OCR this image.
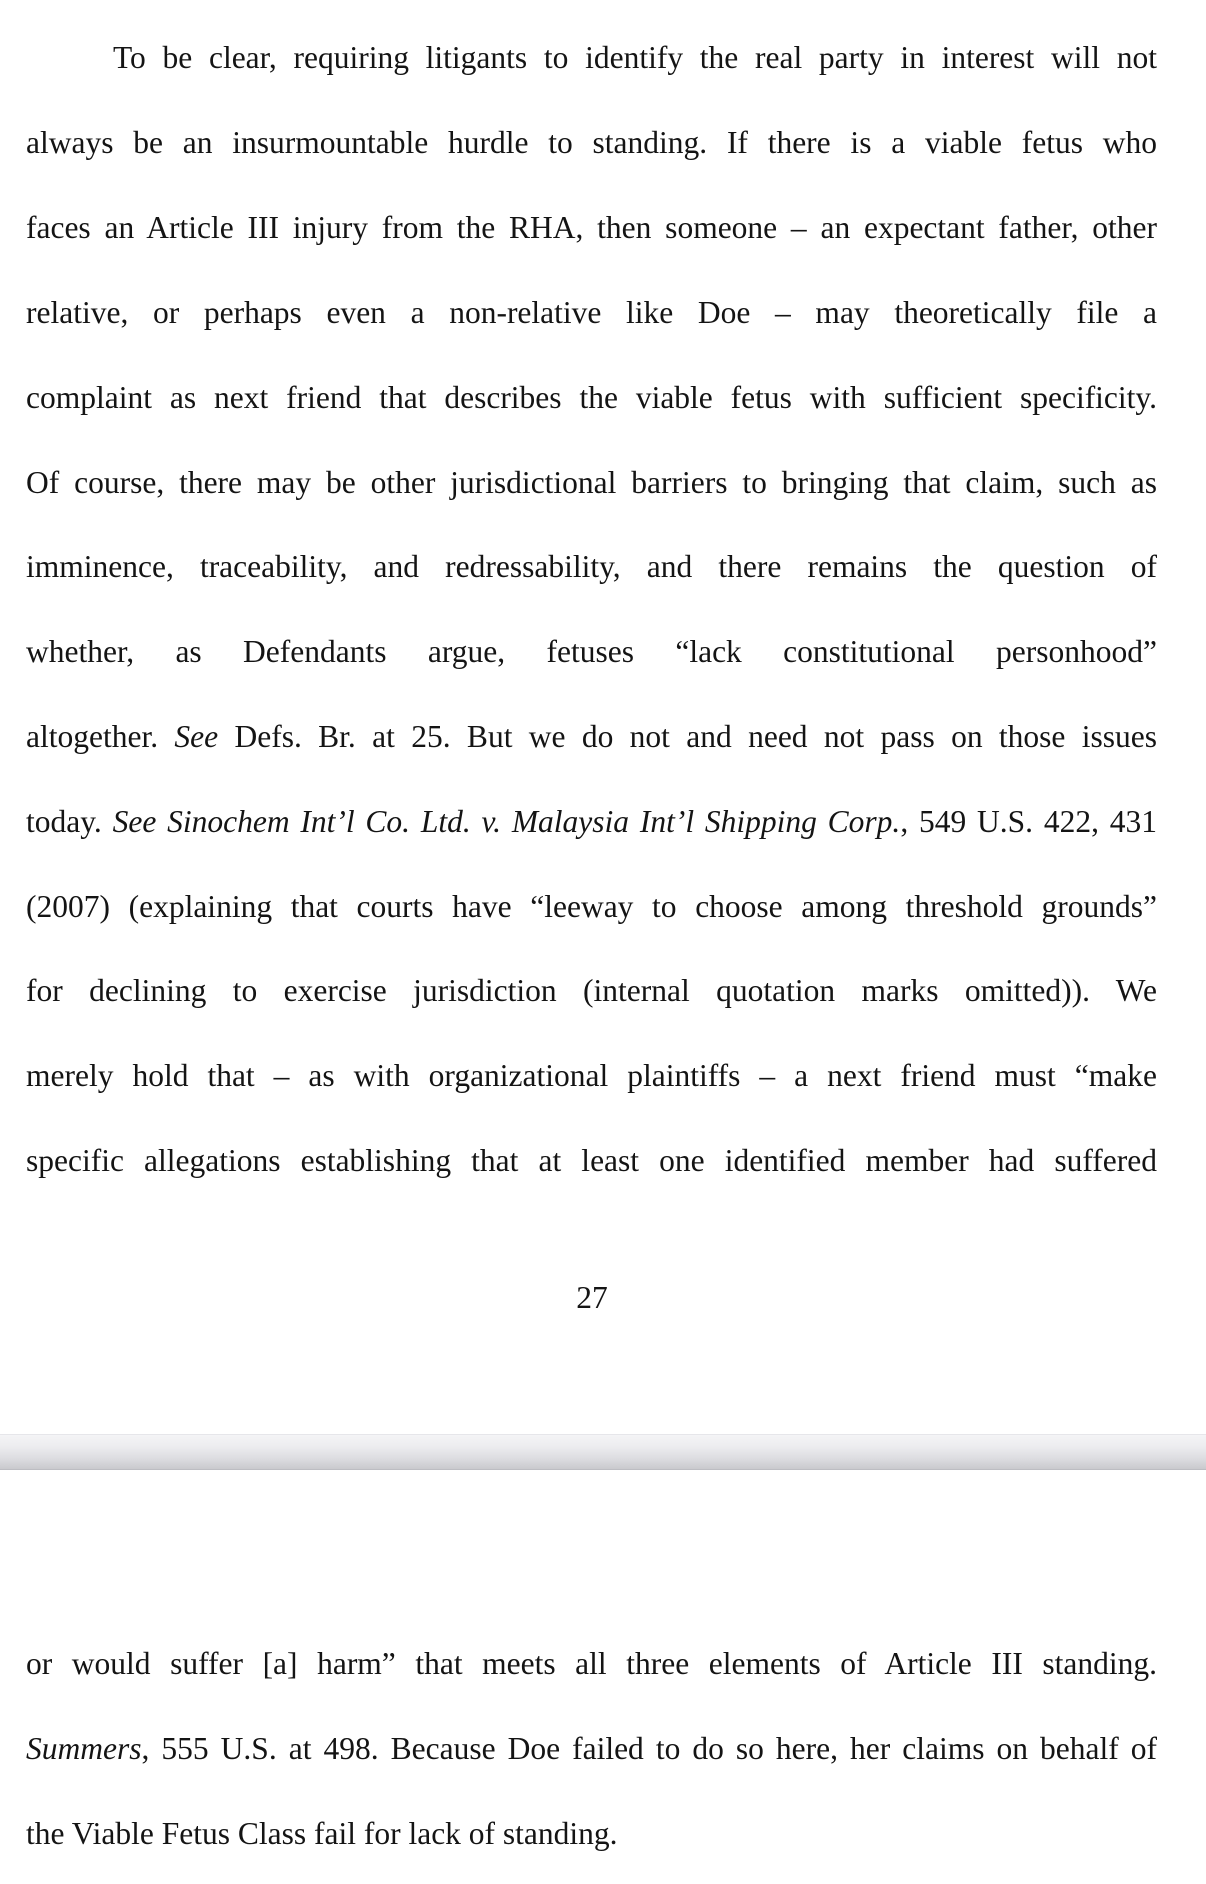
To be clear, requiring litigants to identify the real party in interest will not
always be an insurmountable hurdle to standing. If there is a viable fetus who
faces an Article III injury from the RHA, then someone – an expectant father, other
relative, or perhaps even a non-relative like Doe – may theoretically file a
complaint as next friend that describes the viable fetus with sufficient specificity.
Of course, there may be other jurisdictional barriers to bringing that claim, such as
imminence, traceability, and redressability, and there remains the question of
whether, as Defendants argue, fetuses “lack constitutional personhood”
altogether. See Defs. Br. at 25. But we do not and need not pass on those issues
today. See Sinochem Int’l Co. Ltd. v. Malaysia Int’l Shipping Corp., 549 U.S. 422, 431
(2007) (explaining that courts have “leeway to choose among threshold grounds”
for declining to exercise jurisdiction (internal quotation marks omitted)). We
merely hold that – as with organizational plaintiffs – a next friend must “make
specific allegations establishing that at least one identified member had suffered
27
or would suffer [a] harm” that meets all three elements of Article III standing.
Summers, 555 U.S. at 498. Because Doe failed to do so here, her claims on behalf of
the Viable Fetus Class fail for lack of standing.
